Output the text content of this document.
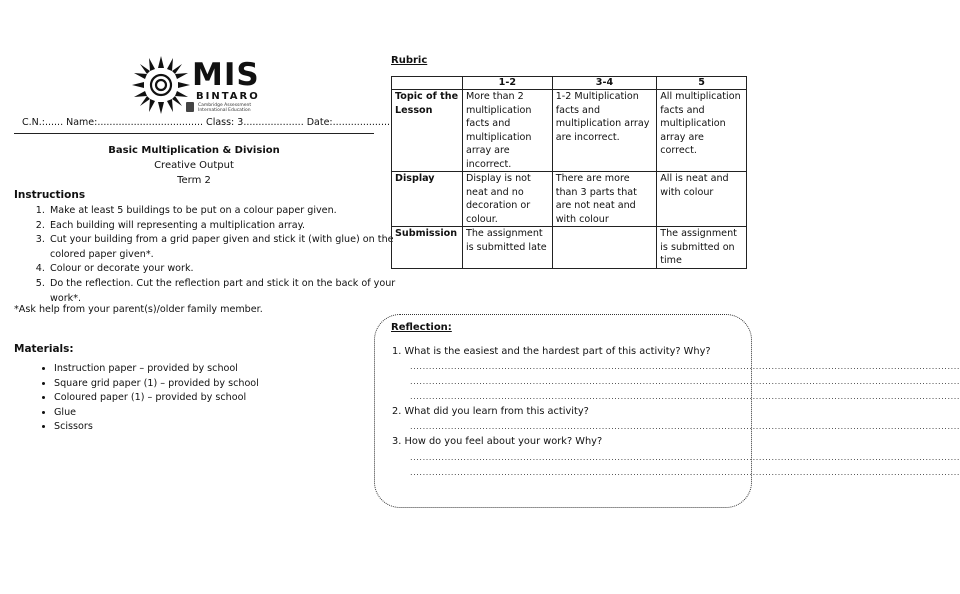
MIS
BINTARO
Cambridge Assessment International Education
C.N.:...... Name:................................... Class: 3.................... Date:...................
Basic Multiplication & Division
Creative Output
Term 2
Instructions
1. Make at least 5 buildings to be put on a colour paper given.
2. Each building will representing a multiplication array.
3. Cut your building from a grid paper given and stick it (with glue) on the colored paper given*.
4. Colour or decorate your work.
5. Do the reflection. Cut the reflection part and stick it on the back of your work*.
*Ask help from your parent(s)/older family member.
Materials:
• Instruction paper – provided by school
• Square grid paper (1) – provided by school
• Coloured paper (1) – provided by school
• Glue
• Scissors
Rubric
	1-2	3-4	5
Topic of the Lesson	More than 2 multiplication facts and multiplication array are incorrect.	1-2 Multiplication facts and multiplication array are incorrect.	All multiplication facts and multiplication array are correct.
Display	Display is not neat and no decoration or colour.	There are more than 3 parts that are not neat and with colour	All is neat and with colour
Submission	The assignment is submitted late		The assignment is submitted on time
Reflection:
1. What is the easiest and the hardest part of this activity? Why?
...............................................................................................................................................................................
...............................................................................................................................................................................
...............................................................................................................................................................................
2. What did you learn from this activity?
...............................................................................................................................................................................
3. How do you feel about your work? Why?
...............................................................................................................................................................................
...............................................................................................................................................................................
